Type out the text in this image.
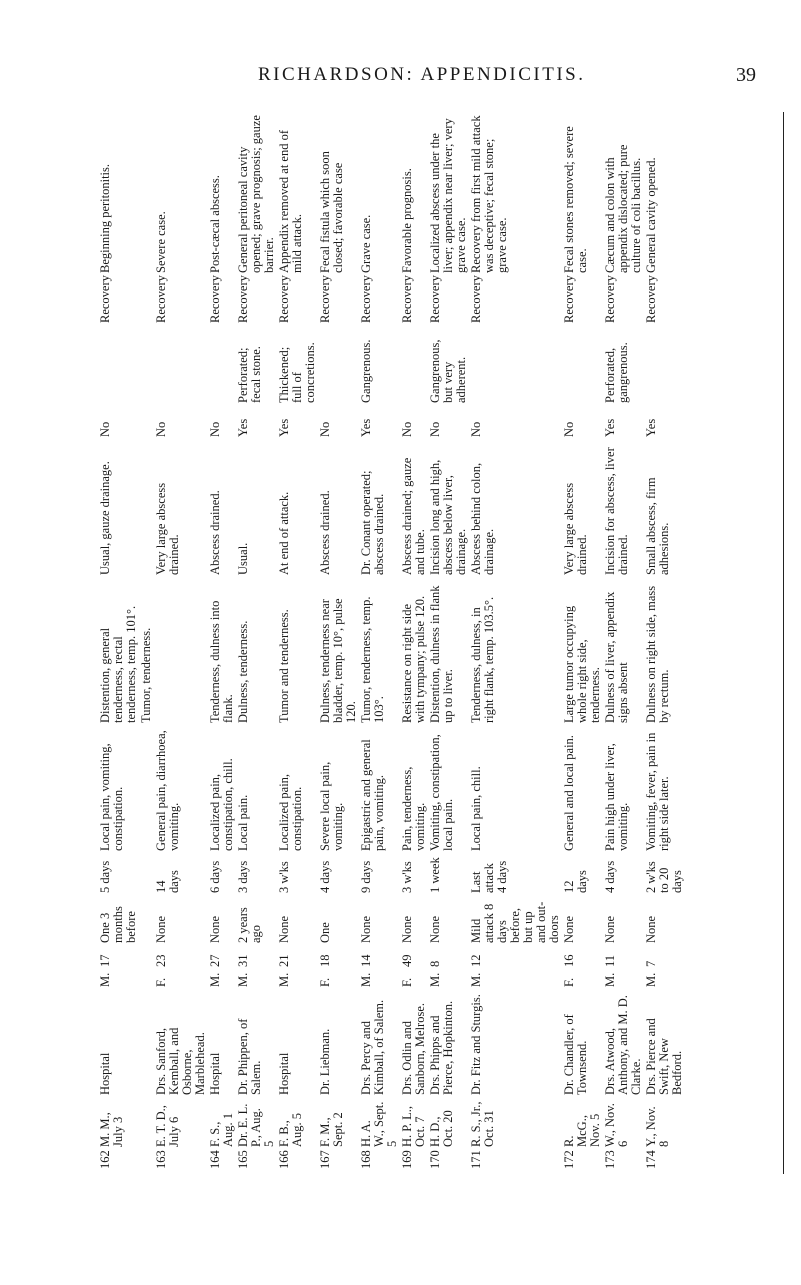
RICHARDSON: APPENDICITIS.	39
162	M. M., July 3	Hospital	M.	17	One 3 months before	5 days	Local pain, vomiting, constipation.	Distention, general tenderness, rectal tenderness, temp. 101°.	Usual, gauze drainage.	No		Recovery	Beginning peritonitis.
								Tumor, tenderness.					
163	E. T. D., July 6	Drs. Sanford, Kemball, and Osborne, Marblehead.	F.	23	None	14 days	General pain, diarrhoea, vomiting.		Very large abscess drained.	No		Recovery	Severe case.
164	F. S., Aug. 1	Hospital	M.	27	None	6 days	Localized pain, constipation, chill.	Tenderness, dulness into flank.	Abscess drained.	No		Recovery	Post-cæcal abscess.
165	Dr. E. L. P., Aug. 5	Dr. Phippen, of Salem.	M.	31	2 years ago	3 days	Local pain.	Dulness, tenderness.	Usual.	Yes	Perforated; fecal stone.	Recovery	General peritoneal cavity opened; grave prognosis; gauze barrier.
166	F. B., Aug. 5	Hospital	M.	21	None	3 w'ks	Localized pain, constipation.	Tumor and tenderness.	At end of attack.	Yes	Thickened; full of concretions.	Recovery	Appendix removed at end of mild attack.
167	F. M., Sept. 2	Dr. Liebman.	F.	18	One	4 days	Severe local pain, vomiting.	Dulness, tenderness near bladder, temp. 10°, pulse 120.	Abscess drained.	No		Recovery	Fecal fistula which soon closed; favorable case
168	H. A. W., Sept. 5	Drs. Percy and Kimball, of Salem.	M.	14	None	9 days	Epigastric and general pain, vomiting.	Tumor, tenderness, temp. 103°.	Dr. Conant operated; abscess drained.	Yes	Gangrenous.	Recovery	Grave case.
169	H. P. L., Oct. 7	Drs. Odlin and Sanborn, Melrose.	F.	49	None	3 w'ks	Pain, tenderness, vomiting.	Resistance on right side with tympany; pulse 120.	Abscess drained; gauze and tube.	No		Recovery	Favorable prognosis.
170	H. D., Oct. 20	Drs. Phipps and Pierce, Hopkinton.	M.	8	None	1 week	Vomiting, constipation, local pain.	Distention, dulness in flank up to liver.	Incision long and high, abscess below liver, drainage.	No	Gangrenous, but very adherent.	Recovery	Localized abscess under the liver; appendix near liver; very grave case.
171	R. S., Jr., Oct. 31	Dr. Fitz and Sturgis.	M.	12	Mild attack 8 days before, but up and out-doors	Last attack 4 days	Local pain, chill.	Tenderness, dulness, in right flank, temp. 103.5°.	Abscess behind colon, drainage.	No		Recovery	Recovery from first mild attack was deceptive; fecal stone; grave case.
172	R. McG., Nov. 5	Dr. Chandler, of Townsend.	F.	16	None	12 days	General and local pain.	Large tumor occupying whole right side, tenderness.	Very large abscess drained.	No		Recovery	Fecal stones removed; severe case.
173	W., Nov. 6	Drs. Atwood, Anthony, and M. D. Clarke.	M.	11	None	4 days	Pain high under liver, vomiting.	Dulness of liver, appendix signs absent	Incision for abscess, liver drained.	Yes	Perforated, gangrenous.	Recovery	Cæcum and colon with appendix dislocated; pure culture of coli bacillus.
174	Y., Nov. 8	Drs. Pierce and Swift, New Bedford.	M.	7	None	2 w'ks to 20 days	Vomiting, fever, pain in right side later.	Dulness on right side, mass by rectum.	Small abscess, firm adhesions.	Yes		Recovery	General cavity opened.
